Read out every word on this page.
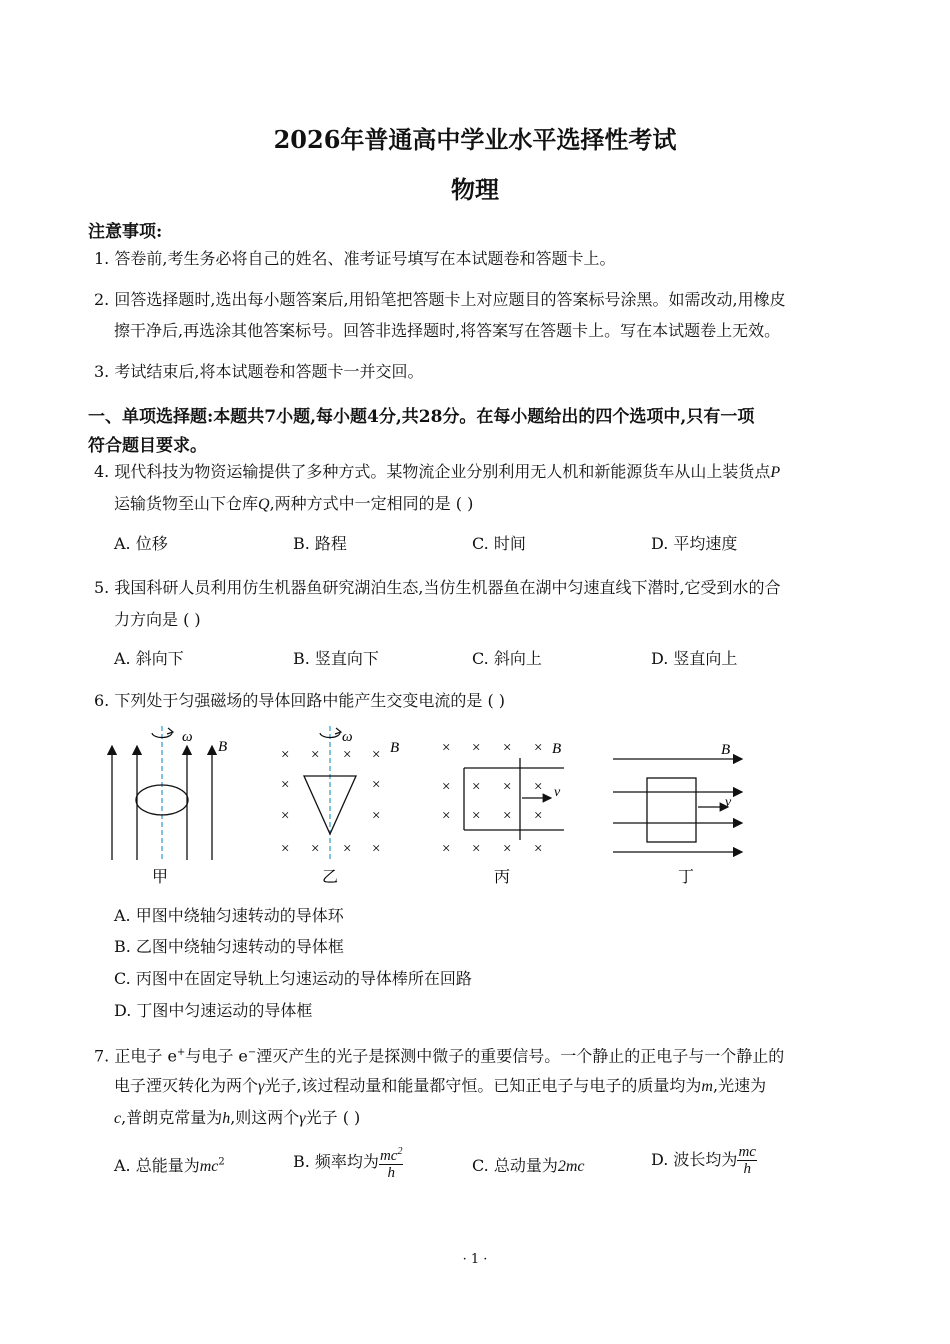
2026年普通高中学业水平选择性考试
物理
注意事项:
1. 答卷前,考生务必将自己的姓名、准考证号填写在本试题卷和答题卡上。
2. 回答选择题时,选出每小题答案后,用铅笔把答题卡上对应题目的答案标号涂黑。如需改动,用橡皮
擦干净后,再选涂其他答案标号。回答非选择题时,将答案写在答题卡上。写在本试题卷上无效。
3. 考试结束后,将本试题卷和答题卡一并交回。
一、单项选择题:本题共7小题,每小题4分,共28分。在每小题给出的四个选项中,只有一项
符合题目要求。
4. 现代科技为物资运输提供了多种方式。某物流企业分别利用无人机和新能源货车从山上装货点P
运输货物至山下仓库Q,两种方式中一定相同的是 ( )
A. 位移	B. 路程	C. 时间	D. 平均速度
5. 我国科研人员利用仿生机器鱼研究湖泊生态,当仿生机器鱼在湖中匀速直线下潜时,它受到水的合
力方向是 ( )
A. 斜向下	B. 竖直向下	C. 斜向上	D. 竖直向上
6. 下列处于匀强磁场的导体回路中能产生交变电流的是 ( )
ω
B
甲
ω
× × × ×
×	×
×	×
× × × ×
B
乙
× × × ×
× × × ×
× × × ×
× × × ×
B
v
丙
B
v
丁
A. 甲图中绕轴匀速转动的导体环
B. 乙图中绕轴匀速转动的导体框
C. 丙图中在固定导轨上匀速运动的导体棒所在回路
D. 丁图中匀速运动的导体框
7. 正电子 e+与电子 e−湮灭产生的光子是探测中微子的重要信号。一个静止的正电子与一个静止的
电子湮灭转化为两个γ光子,该过程动量和能量都守恒。已知正电子与电子的质量均为m,光速为
c,普朗克常量为h,则这两个γ光子 ( )
A. 总能量为$mc^2$	B. 频率均为 $\frac{mc^2}{h}$	C. 总动量为2mc	D. 波长均为 $\frac{mc}{h}$
· 1 ·
